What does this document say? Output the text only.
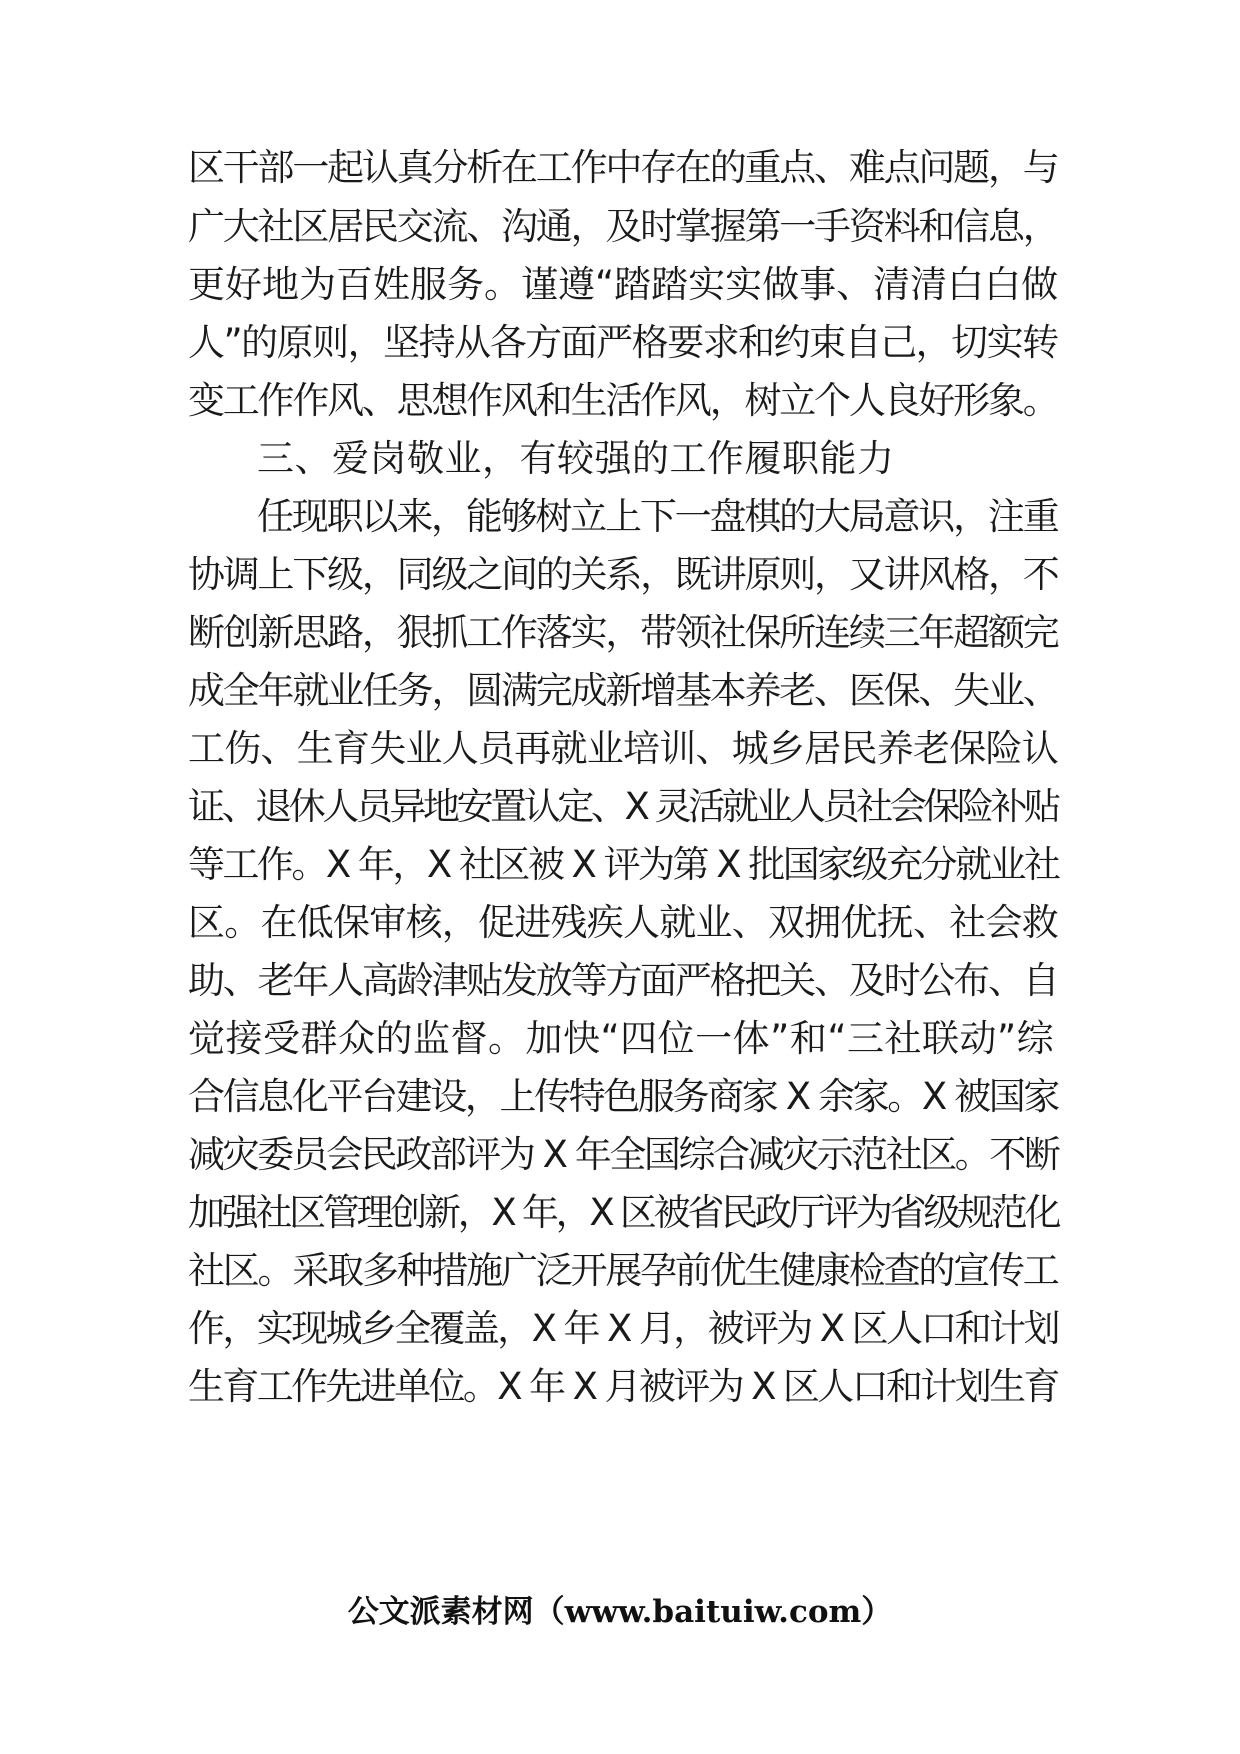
区干部一起认真分析在工作中存在的重点、难点问题，与
广大社区居民交流、沟通，及时掌握第一手资料和信息，
更好地为百姓服务。谨遵“踏踏实实做事、清清白白做
人”的原则，坚持从各方面严格要求和约束自己，切实转
变工作作风、思想作风和生活作风，树立个人良好形象。
三、爱岗敬业，有较强的工作履职能力
任现职以来，能够树立上下一盘棋的大局意识，注重
协调上下级，同级之间的关系，既讲原则，又讲风格，不
断创新思路，狠抓工作落实，带领社保所连续三年超额完
成全年就业任务，圆满完成新增基本养老、医保、失业、
工伤、生育失业人员再就业培训、城乡居民养老保险认
证、退休人员异地安置认定、X 灵活就业人员社会保险补贴
等工作。X 年，X 社区被 X 评为第 X 批国家级充分就业社
区。在低保审核，促进残疾人就业、双拥优抚、社会救
助、老年人高龄津贴发放等方面严格把关、及时公布、自
觉接受群众的监督。加快“四位一体”和“三社联动”综
合信息化平台建设，上传特色服务商家 X 余家。X 被国家
减灾委员会民政部评为 X 年全国综合减灾示范社区。不断
加强社区管理创新，X 年，X 区被省民政厅评为省级规范化
社区。采取多种措施广泛开展孕前优生健康检查的宣传工
作，实现城乡全覆盖，X 年 X 月，被评为 X 区人口和计划
生育工作先进单位。X 年 X 月被评为 X 区人口和计划生育
公文派素材网（www.baituiw.com）
